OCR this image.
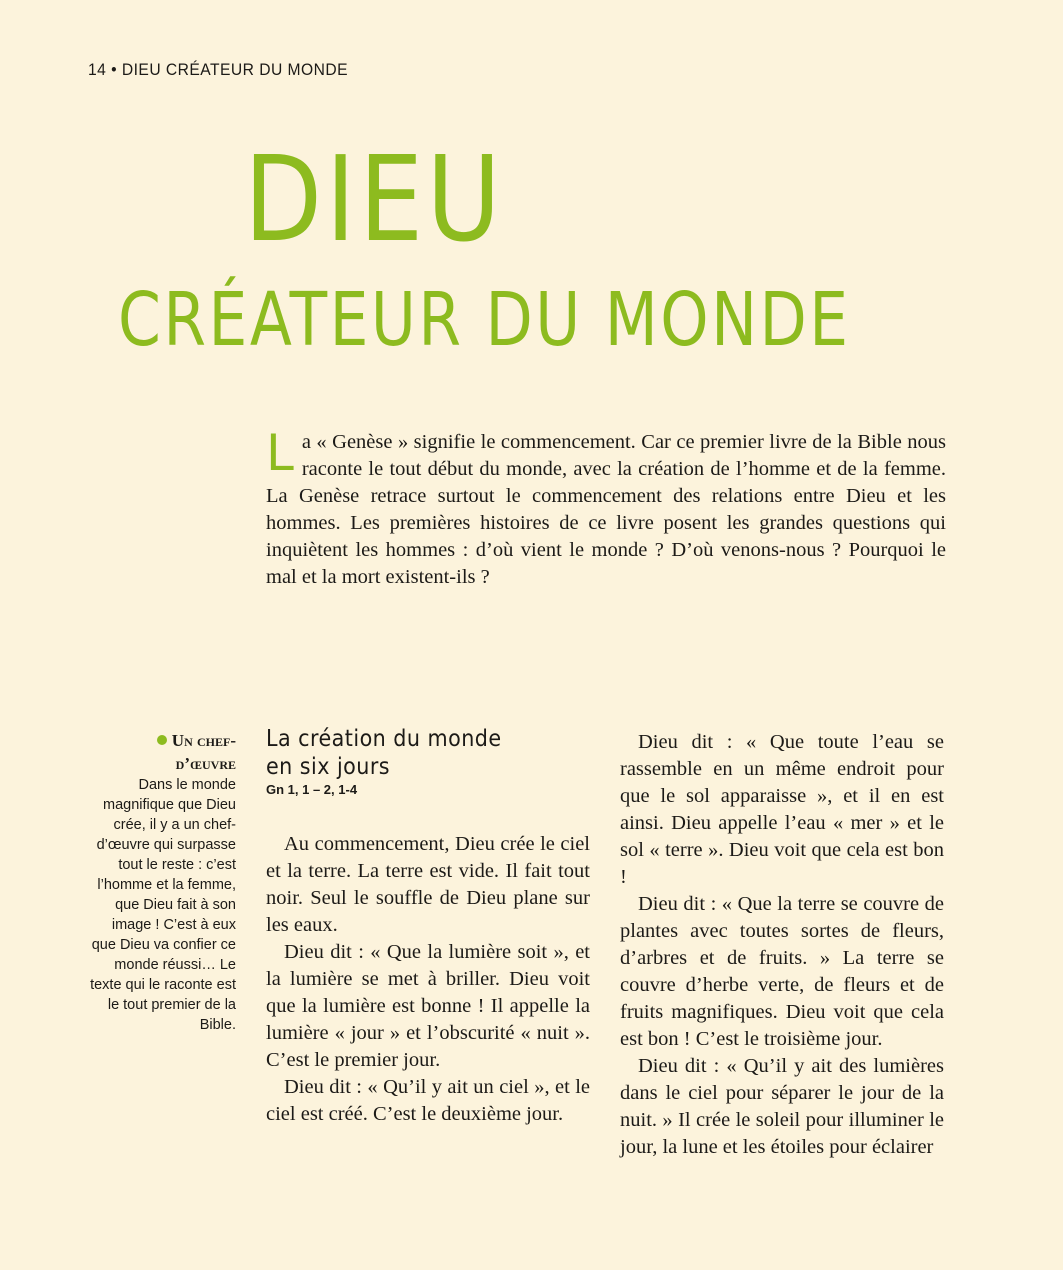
14 • DIEU CRÉATEUR DU MONDE
DIEU
CRÉATEUR DU MONDE
La « Genèse » signifie le commencement. Car ce premier livre de la Bible nous raconte le tout début du monde, avec la création de l’homme et de la femme. La Genèse retrace surtout le commencement des relations entre Dieu et les hommes. Les premières histoires de ce livre posent les grandes questions qui inquiètent les hommes : d’où vient le monde ? D’où venons-nous ? Pourquoi le mal et la mort existent-ils ?
Un chef-
d’œuvre
Dans le monde magnifique que Dieu crée, il y a un chef-d’œuvre qui surpasse tout le reste : c’est l’homme et la femme, que Dieu fait à son image ! C’est à eux que Dieu va confier ce monde réussi… Le texte qui le raconte est le tout premier de la Bible.
La création du monde
en six jours
Gn 1, 1 – 2, 1-4

Au commencement, Dieu crée le ciel et la terre. La terre est vide. Il fait tout noir. Seul le souffle de Dieu plane sur les eaux.

Dieu dit : « Que la lumière soit », et la lumière se met à briller. Dieu voit que la lumière est bonne ! Il appelle la lumière « jour » et l’obscurité « nuit ». C’est le premier jour.

Dieu dit : « Qu’il y ait un ciel », et le ciel est créé. C’est le deuxième jour.

Dieu dit : « Que toute l’eau se rassemble en un même endroit pour que le sol apparaisse », et il en est ainsi. Dieu appelle l’eau « mer » et le sol « terre ». Dieu voit que cela est bon !

Dieu dit : « Que la terre se couvre de plantes avec toutes sortes de fleurs, d’arbres et de fruits. » La terre se couvre d’herbe verte, de fleurs et de fruits magnifiques. Dieu voit que cela est bon ! C’est le troisième jour.

Dieu dit : « Qu’il y ait des lumières dans le ciel pour séparer le jour de la nuit. » Il crée le soleil pour illuminer le jour, la lune et les étoiles pour éclairer
